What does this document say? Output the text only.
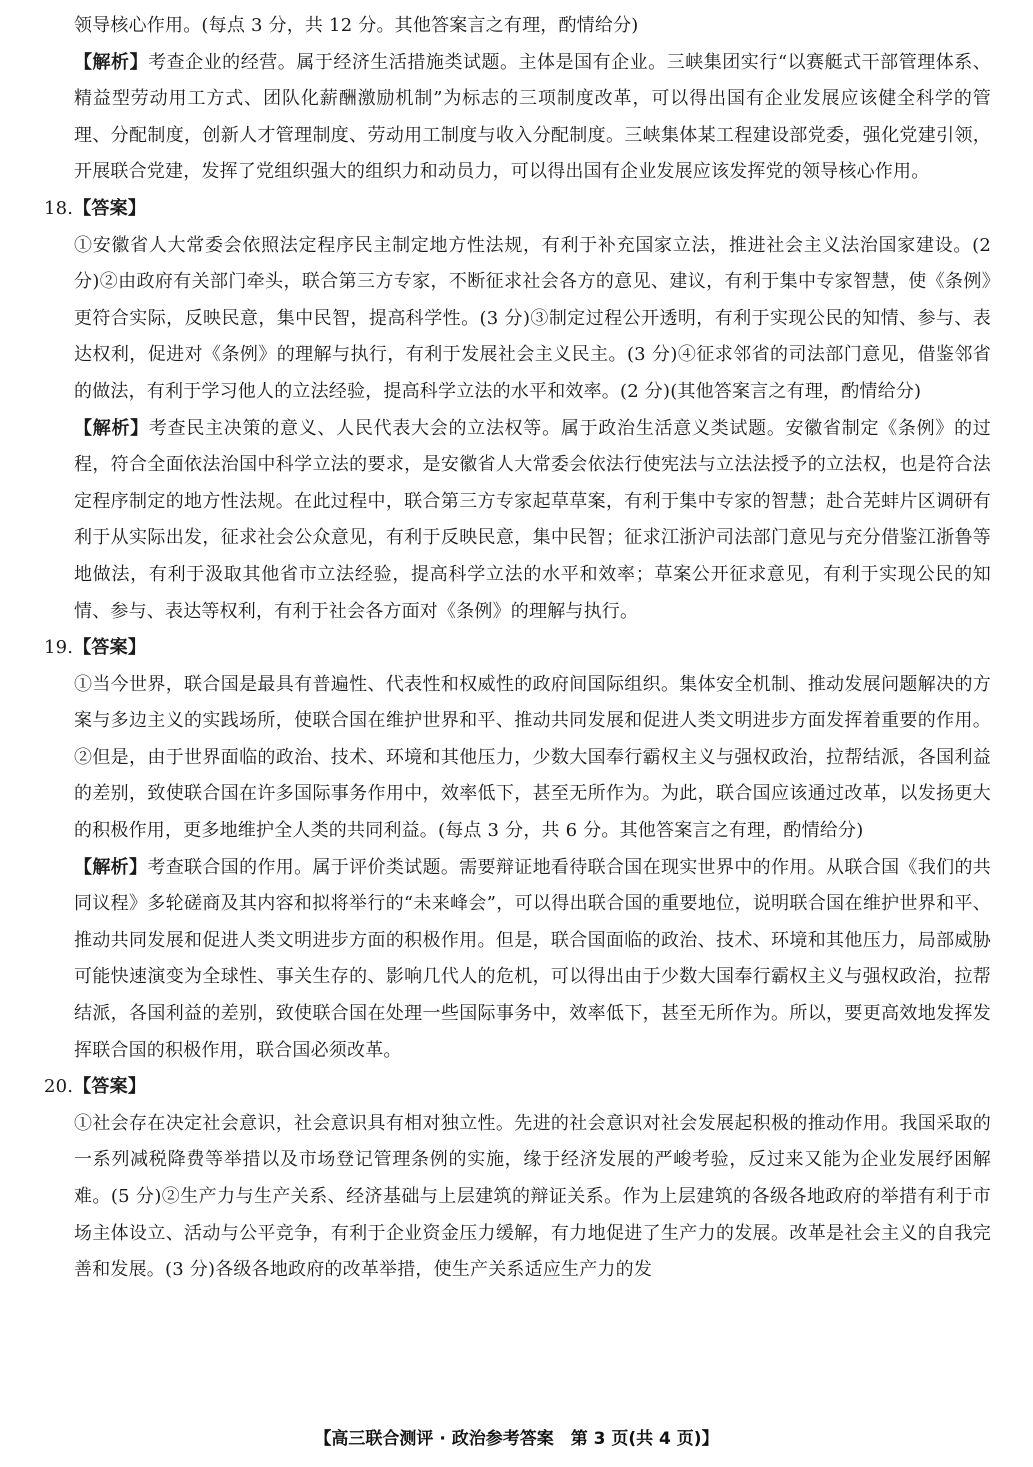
领导核心作用。(每点 3 分，共 12 分。其他答案言之有理，酌情给分)

【解析】考查企业的经营。属于经济生活措施类试题。主体是国有企业。三峡集团实行“以赛艇式干部管理体系、精益型劳动用工方式、团队化薪酬激励机制”为标志的三项制度改革，可以得出国有企业发展应该健全科学的管理、分配制度，创新人才管理制度、劳动用工制度与收入分配制度。三峡集体某工程建设部党委，强化党建引领，开展联合党建，发挥了党组织强大的组织力和动员力，可以得出国有企业发展应该发挥党的领导核心作用。

18.【答案】

①安徽省人大常委会依照法定程序民主制定地方性法规，有利于补充国家立法，推进社会主义法治国家建设。(2 分)②由政府有关部门牵头，联合第三方专家，不断征求社会各方的意见、建议，有利于集中专家智慧，使《条例》更符合实际，反映民意，集中民智，提高科学性。(3 分)③制定过程公开透明，有利于实现公民的知情、参与、表达权利，促进对《条例》的理解与执行，有利于发展社会主义民主。(3 分)④征求邻省的司法部门意见，借鉴邻省的做法，有利于学习他人的立法经验，提高科学立法的水平和效率。(2 分)(其他答案言之有理，酌情给分)

【解析】考查民主决策的意义、人民代表大会的立法权等。属于政治生活意义类试题。安徽省制定《条例》的过程，符合全面依法治国中科学立法的要求，是安徽省人大常委会依法行使宪法与立法法授予的立法权，也是符合法定程序制定的地方性法规。在此过程中，联合第三方专家起草草案，有利于集中专家的智慧；赴合芜蚌片区调研有利于从实际出发，征求社会公众意见，有利于反映民意，集中民智；征求江浙沪司法部门意见与充分借鉴江浙鲁等地做法，有利于汲取其他省市立法经验，提高科学立法的水平和效率；草案公开征求意见，有利于实现公民的知情、参与、表达等权利，有利于社会各方面对《条例》的理解与执行。

19.【答案】

①当今世界，联合国是最具有普遍性、代表性和权威性的政府间国际组织。集体安全机制、推动发展问题解决的方案与多边主义的实践场所，使联合国在维护世界和平、推动共同发展和促进人类文明进步方面发挥着重要的作用。②但是，由于世界面临的政治、技术、环境和其他压力，少数大国奉行霸权主义与强权政治，拉帮结派，各国利益的差别，致使联合国在许多国际事务作用中，效率低下，甚至无所作为。为此，联合国应该通过改革，以发扬更大的积极作用，更多地维护全人类的共同利益。(每点 3 分，共 6 分。其他答案言之有理，酌情给分)

【解析】考查联合国的作用。属于评价类试题。需要辩证地看待联合国在现实世界中的作用。从联合国《我们的共同议程》多轮磋商及其内容和拟将举行的“未来峰会”，可以得出联合国的重要地位，说明联合国在维护世界和平、推动共同发展和促进人类文明进步方面的积极作用。但是，联合国面临的政治、技术、环境和其他压力，局部威胁可能快速演变为全球性、事关生存的、影响几代人的危机，可以得出由于少数大国奉行霸权主义与强权政治，拉帮结派，各国利益的差别，致使联合国在处理一些国际事务中，效率低下，甚至无所作为。所以，要更高效地发挥发挥联合国的积极作用，联合国必须改革。

20.【答案】

①社会存在决定社会意识，社会意识具有相对独立性。先进的社会意识对社会发展起积极的推动作用。我国采取的一系列减税降费等举措以及市场登记管理条例的实施，缘于经济发展的严峻考验，反过来又能为企业发展纾困解难。(5 分)②生产力与生产关系、经济基础与上层建筑的辩证关系。作为上层建筑的各级各地政府的举措有利于市场主体设立、活动与公平竞争，有利于企业资金压力缓解，有力地促进了生产力的发展。改革是社会主义的自我完善和发展。(3 分)各级各地政府的改革举措，使生产关系适应生产力的发

【高三联合测评 · 政治参考答案　第 3 页(共 4 页)】
